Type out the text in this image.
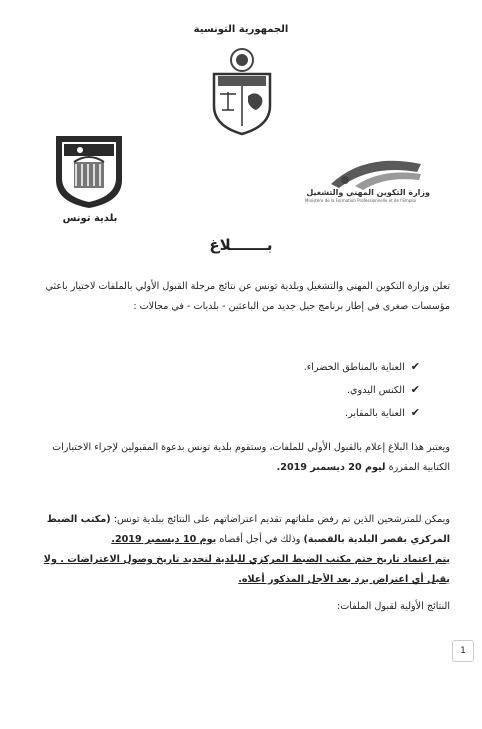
الجمهورية التونسية
بلدية تونس
وزارة التكوين المهني والتشغيل
Ministère de la Formation Professionnelle et de l'Emploi
بـــــــلاغ
تعلن وزارة التكوين المهني والتشغيل وبلدية تونس عن نتائج مرحلة القبول الأولي بالملفات لاختيار باعثي مؤسسات صغرى في إطار برنامج جيل جديد من الباعثين - بلديات - في مجالات :
✔العناية بالمناطق الخضراء.
✔الكنس اليدوي.
✔العناية بالمقابر.
ويعتبر هذا البلاغ إعلام بالقبول الأولي للملفات، وستقوم بلدية تونس بدعوة المقبولين لإجراء الاختبارات الكتابية المقررة ليوم 20 ديسمبر 2019.
ويمكن للمترشحين الذين تم رفض ملفاتهم تقديم اعتراضاتهم على النتائج ببلدية تونس: (مكتب الضبط المركزي بقصر البلدية بالقصبة) وذلك في أجل أقصاه يوم 10 ديسمبر 2019.
يتم اعتماد تاريخ ختم مكتب الضبط المركزي للبلدية لتحديد تاريخ وصول الاعتراضات . ولا يقبل أي اعتراض يرد بعد الأجل المذكور أعلاه.
النتائج الأولية لقبول الملفات:
1
